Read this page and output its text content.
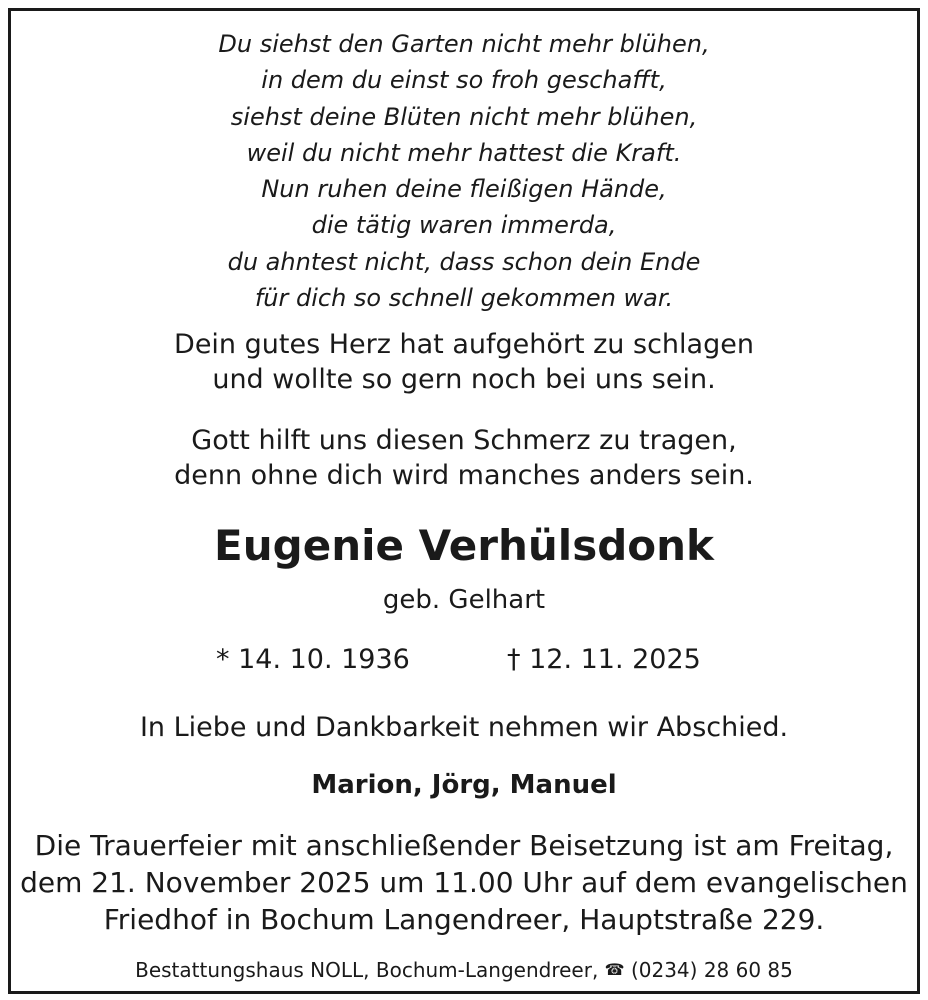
Du siehst den Garten nicht mehr blühen,
in dem du einst so froh geschafft,
siehst deine Blüten nicht mehr blühen,
weil du nicht mehr hattest die Kraft.
Nun ruhen deine fleißigen Hände,
die tätig waren immerda,
du ahntest nicht, dass schon dein Ende
für dich so schnell gekommen war.
Dein gutes Herz hat aufgehört zu schlagen
und wollte so gern noch bei uns sein.
Gott hilft uns diesen Schmerz zu tragen,
denn ohne dich wird manches anders sein.
Eugenie Verhülsdonk
geb. Gelhart
* 14. 10. 1936	† 12. 11. 2025
In Liebe und Dankbarkeit nehmen wir Abschied.
Marion, Jörg, Manuel
Die Trauerfeier mit anschließender Beisetzung ist am Freitag,
dem 21. November 2025 um 11.00 Uhr auf dem evangelischen
Friedhof in Bochum Langendreer, Hauptstraße 229.
Bestattungshaus NOLL, Bochum-Langendreer, ☎ (0234) 28 60 85
